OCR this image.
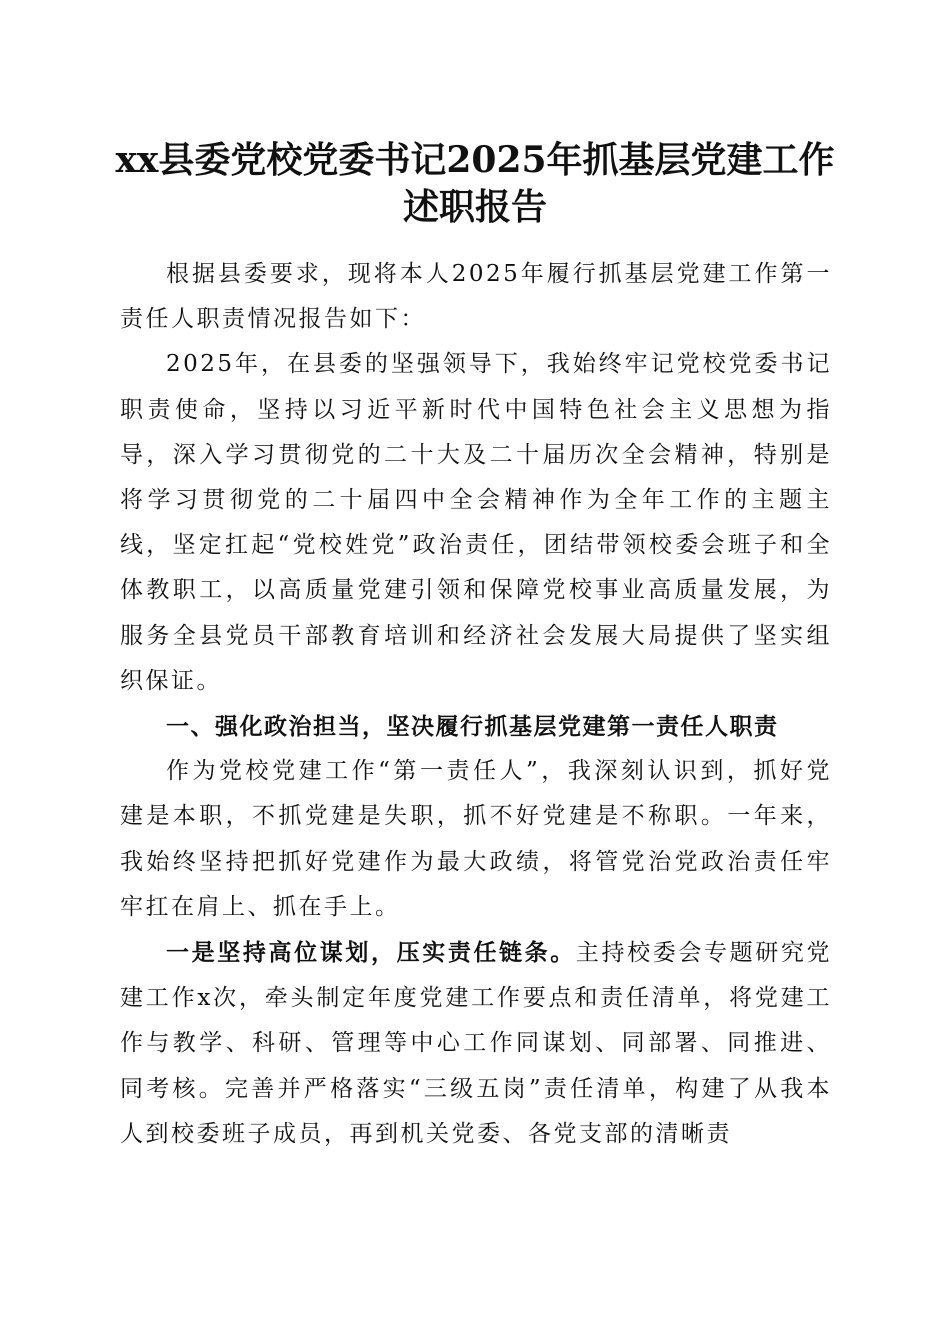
xx县委党校党委书记2025年抓基层党建工作
述职报告

根据县委要求，现将本人2025年履行抓基层党建工作第一责任人职责情况报告如下：

2025年，在县委的坚强领导下，我始终牢记党校党委书记职责使命，坚持以习近平新时代中国特色社会主义思想为指导，深入学习贯彻党的二十大及二十届历次全会精神，特别是将学习贯彻党的二十届四中全会精神作为全年工作的主题主线，坚定扛起“党校姓党”政治责任，团结带领校委会班子和全体教职工，以高质量党建引领和保障党校事业高质量发展，为服务全县党员干部教育培训和经济社会发展大局提供了坚实组织保证。

一、强化政治担当，坚决履行抓基层党建第一责任人职责

作为党校党建工作“第一责任人”，我深刻认识到，抓好党建是本职，不抓党建是失职，抓不好党建是不称职。一年来，我始终坚持把抓好党建作为最大政绩，将管党治党政治责任牢牢扛在肩上、抓在手上。

一是坚持高位谋划，压实责任链条。主持校委会专题研究党建工作x次，牵头制定年度党建工作要点和责任清单，将党建工作与教学、科研、管理等中心工作同谋划、同部署、同推进、同考核。完善并严格落实“三级五岗”责任清单，构建了从我本人到校委班子成员，再到机关党委、各党支部的清晰责
